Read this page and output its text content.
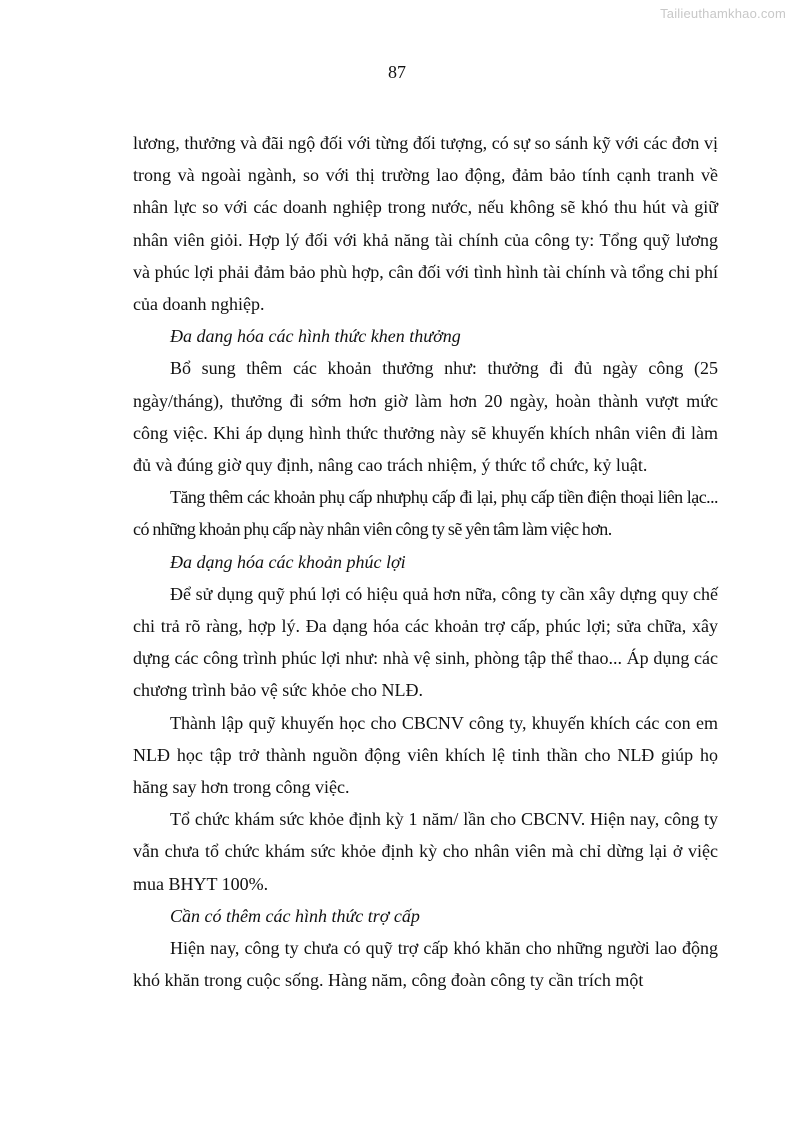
Tailieuthamkhao.com
87

lương, thưởng và đãi ngộ đối với từng đối tượng, có sự so sánh kỹ với các đơn vị trong và ngoài ngành, so với thị trường lao động, đảm bảo tính cạnh tranh về nhân lực so với các doanh nghiệp trong nước, nếu không sẽ khó thu hút và giữ nhân viên giỏi. Hợp lý đối với khả năng tài chính của công ty: Tổng quỹ lương và phúc lợi phải đảm bảo phù hợp, cân đối với tình hình tài chính và tổng chi phí của doanh nghiệp.

Đa dang hóa các hình thức khen thưởng

Bổ sung thêm các khoản thưởng như: thưởng đi đủ ngày công (25 ngày/tháng), thưởng đi sớm hơn giờ làm hơn 20 ngày, hoàn thành vượt mức công việc. Khi áp dụng hình thức thưởng này sẽ khuyến khích nhân viên đi làm đủ và đúng giờ quy định, nâng cao trách nhiệm, ý thức tổ chức, kỷ luật.

Tăng thêm các khoản phụ cấp nhưphụ cấp đi lại, phụ cấp tiền điện thoại liên lạc... có những khoản phụ cấp này nhân viên công ty sẽ yên tâm làm việc hơn.

Đa dạng hóa các khoản phúc lợi

Để sử dụng quỹ phú lợi có hiệu quả hơn nữa, công ty cần xây dựng quy chế chi trả rõ ràng, hợp lý. Đa dạng hóa các khoản trợ cấp, phúc lợi; sửa chữa, xây dựng các công trình phúc lợi như: nhà vệ sinh, phòng tập thể thao... Áp dụng các chương trình bảo vệ sức khỏe cho NLĐ.

Thành lập quỹ khuyến học cho CBCNV công ty, khuyến khích các con em NLĐ học tập trở thành nguồn động viên khích lệ tinh thần cho NLĐ giúp họ hăng say hơn trong công việc.

Tổ chức khám sức khỏe định kỳ 1 năm/ lần cho CBCNV. Hiện nay, công ty vẫn chưa tổ chức khám sức khỏe định kỳ cho nhân viên mà chỉ dừng lại ở việc mua BHYT 100%.

Cần có thêm các hình thức trợ cấp

Hiện nay, công ty chưa có quỹ trợ cấp khó khăn cho những người lao động khó khăn trong cuộc sống. Hàng năm, công đoàn công ty cần trích một
